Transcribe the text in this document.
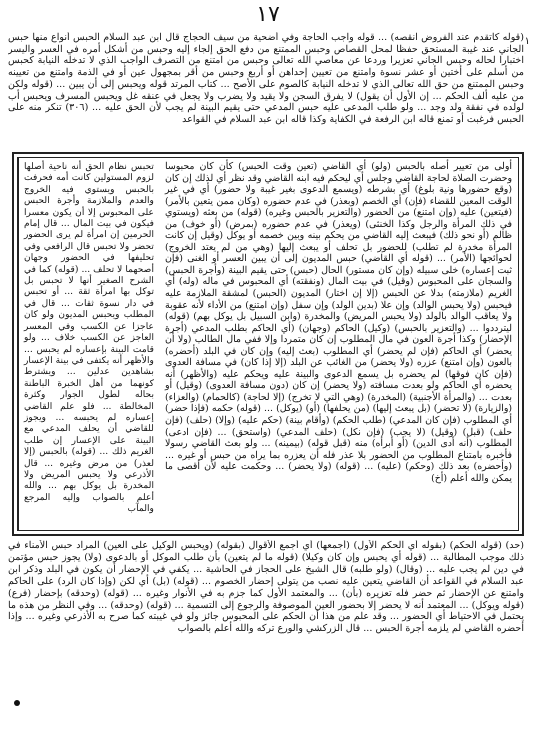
١٧
١

(قوله كاتقدم عند الفروض انقصه) ... قوله واجب الحاجة وفي أضحية من سيف الحجاج قال ابن عبد السلام الحبس أنواع منها حبس الجاني عند غيبة المستحق حفظا لمحل القصاص وحبس الممتنع من دفع الحق إلجاء إليه وحبس من أشكل أمره في العسر واليسر اختبارا لحاله وحبس الجاني تعزيرا وردعا عن معاصي الله تعالى وحبس من امتنع من التصرف الواجب الذي لا تدخله النيابة كحبس من أسلم على أختين أو عشر نسوة وامتنع من تعيين إحداهن أو أربع وحبس من أقر بمجهول عين أو في الذمة وامتنع من تعيينه وحبس الممتنع من حق الله تعالى الذي لا تدخله النيابة كالصوم على الأصح ... كتاب المرتد قوله ويحبس إلى أن يبين ... (قوله ولكن من عليه ألف الحكم ... إن الأول أن يقول) لا يفرق السجن ولا يقيد ولا يضرب ولا يجعل في عنقه غل ويحبس المسرف ويحبس أب لولده في نفقة ولد وجد ... ولو طلب المدعى عليه حبس المدعي حتى يقيم البينة لم يجب لأن الحق عليه ... (٣٠٦) تنكر منه على الحبس فرغبت أو تمنع قاله ابن الرفعة في الكفاية وكذا قاله ابن عبد السلام في القواعد

تحبس نظام الحق أنه ناحية أصلها لزوم المستولين كانت أمه فحرفت بالحبس ويستوي فيه الخروج والعدم والملازمة وأجرة الحبس على المحبوس إلا أن يكون معسرا فيكون في بيت المال ... قال إمام الحرمين إن امرأة لم يرى الحضور تحضر ولا تحبس قال الرافعي وفي تحليفها في الحضور وجهان أصحهما لا تحلف ... (قوله) كما في الشرح الصغير أنها لا تحبس بل توكل بها امرأة ثقة ... أو تحبس في دار نسوة ثقات ... قال في المطلب ويحبس المديون ولو كان عاجزا عن الكسب وفي المعسر العاجز عن الكسب خلاف ... ولو قامت البينة بإعساره لم يحبس ... والأظهر أنه يكتفى في بينة الإعسار بشاهدين عدلين ... ويشترط كونهما من أهل الخبرة الباطنة بحاله لطول الجوار وكثرة المخالطة ... فلو علم القاضي إعساره لم يحبسه ... ويجوز للقاضي أن يحلف المدعي مع البينة على الإعسار إن طلب الغريم ذلك ... (قوله) بالحبس (إلا لعذر) من مرض وغيره ... قال الأذرعي ولا يحبس المريض ولا المخدرة بل يوكل بهم ... والله أعلم بالصواب وإليه المرجع والمآب

أولى من تعيير أصله بالحبس (ولو) أي القاضي (تعين وقت الحبس) كأن كان محبوسا وحضرت الصلاة لحاجة القاضي وجلس أي ليحكم فيه ابنه القاضي وقد نظر أي لذلك إن كان (وقع حضورها ونية بلوغ) أي بشرطه (ويسمع الدعوى بغير غيبة ولا حضور) أي في غير الوقت المعين للقضاء (فإن) أي الخصم (وبعذر) في عدم حضوره (وكان ممن يتعين بالأمر) (فيتعين) عليه (وإن امتنع) من الحضور (والتعزير بالحبس وغيره) (قوله) من بعثه (ويستوي في ذلك المرأة والرجل وكذا الخنثى) (ويعذر) في عدم حضوره (بمرض) (أو خوف) من ظالم (أو نحو ذلك) فيبعث إليه القاضي من يحكم بينه وبين خصمه أو يوكل (وقيل إن كانت المرأة مخدرة لم تطلب) للحضور بل تحلف أو يبعث إليها (وهي من لم يعتد الخروج) لحوائجها (الأمر) ... (قوله أي القاضي) حبس المديون إلى أن يبين العسر أو الغنى (فإن ثبت إعساره) خلى سبيله (وإن كان مستور) الحال (حبس) حتى يقيم البينة (وأجرة الحبس) والسجان على المحبوس (وقيل) في بيت المال (ونفقته) أي المحبوس في ماله (وله) أي الغريم (ملازمته) بدلا عن الحبس (إلا إن اختار) المديون (الحبس) لمشقة الملازمة عليه فيحبس (ولا يحبس الوالد) وإن علا (بدين الولد) وإن سفل (وإن امتنع) من الأداء لأنه عقوبة ولا يعاقب الوالد بالولد (ولا يحبس المريض) والمخدرة (وابن السبيل بل يوكل بهم) (قوله) ليترددوا ... (والتعزير بالحبس) (وكيل) الحاكم (وجهان) (أي الحاكم بطلب المدعي (أجرة الإحضار) وكذا أجرة العون في مال المطلوب إن كان متمردا وإلا ففي مال الطالب (ولا أن يحضر) أي الحاكم (فإن لم يحضر) أي المطلوب (بعث إليه) وإن كان في البلد (أحضره) بالعون (وإن امتنع) عزره (ولا يحضر) من الغائب عن البلد (إلا إذا كان) في مسافة العدوى (فإن كان فوقها) لم يحضره بل يسمع الدعوى والبينة عليه ويحكم عليه (والأظهر) أنه يحضره أي الحاكم ولو بعدت مسافته (ولا يحضر) إن كان (دون مسافة العدوى) (وقيل) أو بعدت ... (والمرأة الأجنبية) (المخدرة) (وهي التي لا تخرج) (إلا لحاجة) (كالحمام) (والعزاء) (والزيارة) (لا تحضر) (بل يبعث إليها) (من يحلفها) (أو) (يوكل) ... (قوله) حكمه (فإذا حضر) أي المطلوب (فإن كان المدعي) (طلب الحكم) (وأقام بينة) (حكم عليه) (وإلا) (حلف) (فإن حلف) (قبل) (وقيل) (لا يجب) (فإن نكل) (حلف المدعي) (واستحق) ... (فإن ادعى) المطلوب (أنه أدى الدين) (أو أبرأه) منه (قبل قوله) (بيمينه) ... ولو بعث القاضي رسولا فأخبره بامتناع المطلوب من الحضور بلا عذر فله أن يعزره بما يراه من حبس أو غيره ... (وأحضره) بعد ذلك (وحكم) (عليه) ... (قوله) (ولا يحضر) ... وحكمت عليه لأن أقصى ما يمكن والله أعلم (أخ)

(حد) (قوله الحكم) (بقوله أي الحكم الأول) (أجمعها) أي أجمع الأقوال (بقوله) (ويحبس الوكيل على العين) المراد حبس الأمناء في ذلك موجب المطالبة ... (قوله أي يحبس وإن كان وكيلا) (قوله ما لم يتعين) بأن طلب الموكل أو بالدعوى (ولا) يجوز حبس مؤتمن في دين لم يجب عليه ... (وقال) (ولو طلبه) قال الشيخ على الحجاز في الحاشية ... يكفي في الإحضار أن يكون في البلد وذكر ابن عبد السلام في القواعد أن القاضي يتعين عليه نصب من يتولى إحضار الخصوم ... (قوله) (بل) أي لكن (وإذا كان الرد) على الحاكم وامتنع عن الإحضار ثم حضر فله تعزيره (بأن) ... والمعتمد الأول كما جزم به في الأنوار وغيره ... (قوله) (وحدقه) بإحضار (فرع) (قوله ويوكل) ... المعتمد أنه لا يحضر إلا بحضور العين الموصوفة والرجوع إلى التسمية ... (قوله) (وحدقه) ... وفي النظر من هذه ما يحتمل في الاحتياط أي الحضور ... وقد علم من هذا أن الحكم على المحبوس جائز ولو في غيبته كما صرح به الأذرعي وغيره ... وإذا أحضره القاضي لم يلزمه أجرة الحبس ... قال الزركشي والورع تركه والله أعلم بالصواب
